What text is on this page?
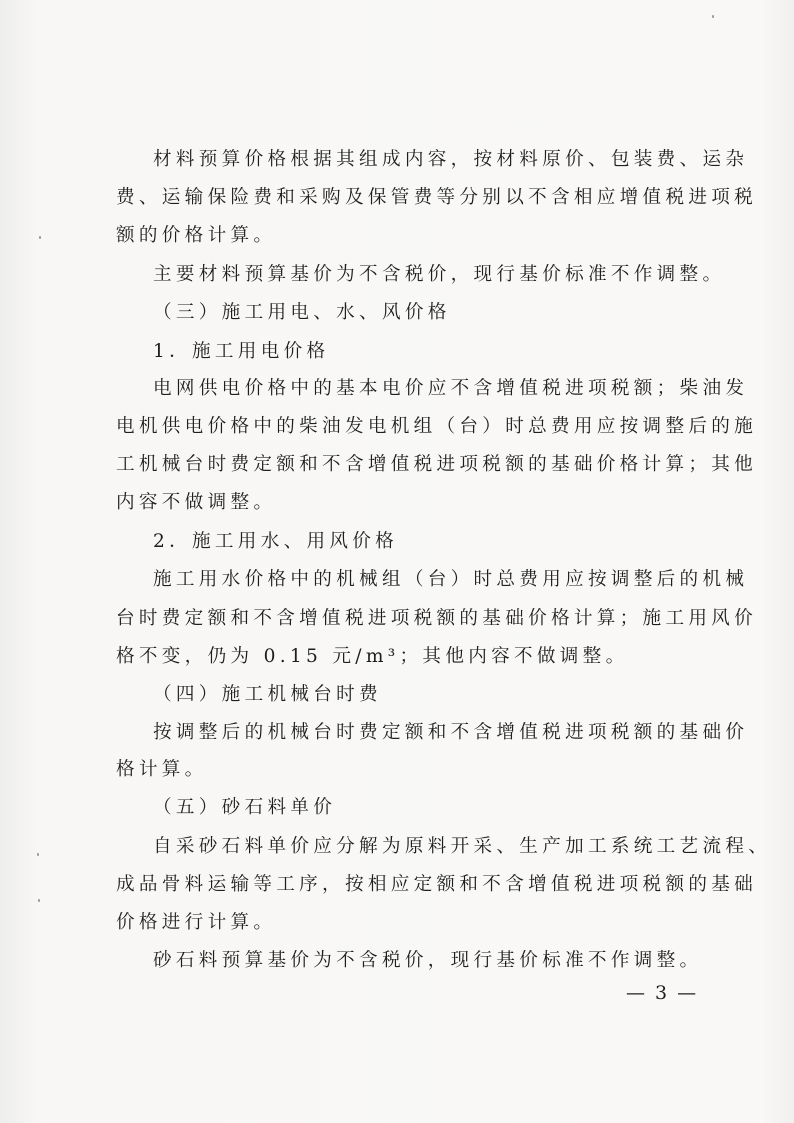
材料预算价格根据其组成内容，按材料原价、包装费、运杂
费、运输保险费和采购及保管费等分别以不含相应增值税进项税
额的价格计算。
主要材料预算基价为不含税价，现行基价标准不作调整。
（三）施工用电、水、风价格
1．施工用电价格
电网供电价格中的基本电价应不含增值税进项税额；柴油发
电机供电价格中的柴油发电机组（台）时总费用应按调整后的施
工机械台时费定额和不含增值税进项税额的基础价格计算；其他
内容不做调整。
2．施工用水、用风价格
施工用水价格中的机械组（台）时总费用应按调整后的机械
台时费定额和不含增值税进项税额的基础价格计算；施工用风价
格不变，仍为 0.15 元/m³；其他内容不做调整。
（四）施工机械台时费
按调整后的机械台时费定额和不含增值税进项税额的基础价
格计算。
（五）砂石料单价
自采砂石料单价应分解为原料开采、生产加工系统工艺流程、
成品骨料运输等工序，按相应定额和不含增值税进项税额的基础
价格进行计算。
砂石料预算基价为不含税价，现行基价标准不作调整。
— 3 —
